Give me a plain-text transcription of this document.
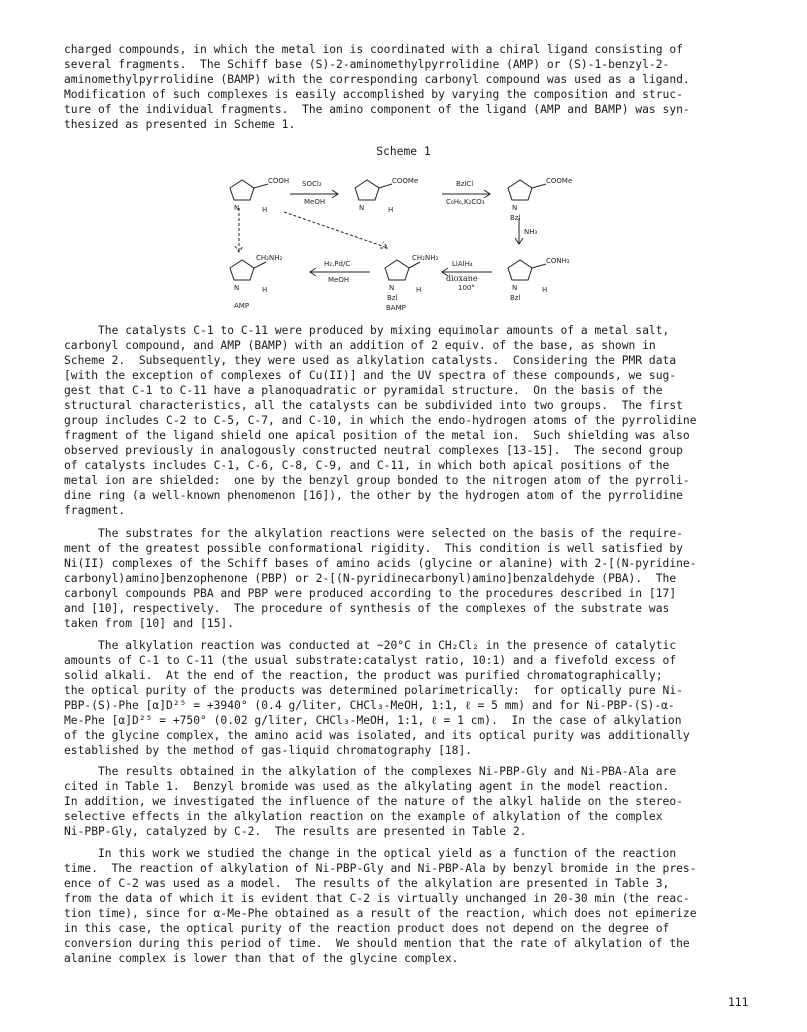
charged compounds, in which the metal ion is coordinated with a chiral ligand consisting of
several fragments.  The Schiff base (S)-2-aminomethylpyrrolidine (AMP) or (S)-1-benzyl-2-
aminomethylpyrrolidine (BAMP) with the corresponding carbonyl compound was used as a ligand.
Modification of such complexes is easily accomplished by varying the composition and struc-
ture of the individual fragments.  The amino component of the ligand (AMP and BAMP) was syn-
thesized as presented in Scheme 1.
Scheme 1
COOH SOCl₂
MeOH
COOMe	BzlCl
C₆H₆,K₂CO₃
COOMe
NH₃
CONH₂
LiAlH₄
dioxane
100°
CH₂NH₂
H₂,Pd/C
MeOH
CH₂NH₂
N	H	N	H	N
Bzl
N	H	N
Bzl
H	N
Bzl
H
AMP	BAMP
The catalysts C-1 to C-11 were produced by mixing equimolar amounts of a metal salt,
carbonyl compound, and AMP (BAMP) with an addition of 2 equiv. of the base, as shown in
Scheme 2.  Subsequently, they were used as alkylation catalysts.  Considering the PMR data
[with the exception of complexes of Cu(II)] and the UV spectra of these compounds, we sug-
gest that C-1 to C-11 have a planoquadratic or pyramidal structure.  On the basis of the
structural characteristics, all the catalysts can be subdivided into two groups.  The first
group includes C-2 to C-5, C-7, and C-10, in which the endo-hydrogen atoms of the pyrrolidine
fragment of the ligand shield one apical position of the metal ion.  Such shielding was also
observed previously in analogously constructed neutral complexes [13-15].  The second group
of catalysts includes C-1, C-6, C-8, C-9, and C-11, in which both apical positions of the
metal ion are shielded:  one by the benzyl group bonded to the nitrogen atom of the pyrroli-
dine ring (a well-known phenomenon [16]), the other by the hydrogen atom of the pyrrolidine
fragment.
The substrates for the alkylation reactions were selected on the basis of the require-
ment of the greatest possible conformational rigidity.  This condition is well satisfied by
Ni(II) complexes of the Schiff bases of amino acids (glycine or alanine) with 2-[(N-pyridine-
carbonyl)amino]benzophenone (PBP) or 2-[(N-pyridinecarbonyl)amino]benzaldehyde (PBA).  The
carbonyl compounds PBA and PBP were produced according to the procedures described in [17]
and [10], respectively.  The procedure of synthesis of the complexes of the substrate was
taken from [10] and [15].
The alkylation reaction was conducted at ~20°C in CH₂Cl₂ in the presence of catalytic
amounts of C-1 to C-11 (the usual substrate:catalyst ratio, 10:1) and a fivefold excess of
solid alkali.  At the end of the reaction, the product was purified chromatographically;
the optical purity of the products was determined polarimetrically:  for optically pure Ni-
PBP-(S)-Phe [α]D²⁵ = +3940° (0.4 g/liter, CHCl₃-MeOH, 1:1, ℓ = 5 mm) and for Ni-PBP-(S)-α-
Me-Phe [α]D²⁵ = +750° (0.02 g/liter, CHCl₃-MeOH, 1:1, ℓ = 1 cm).  In the case of alkylation
of the glycine complex, the amino acid was isolated, and its optical purity was additionally
established by the method of gas-liquid chromatography [18].
The results obtained in the alkylation of the complexes Ni-PBP-Gly and Ni-PBA-Ala are
cited in Table 1.  Benzyl bromide was used as the alkylating agent in the model reaction.
In addition, we investigated the influence of the nature of the alkyl halide on the stereo-
selective effects in the alkylation reaction on the example of alkylation of the complex
Ni-PBP-Gly, catalyzed by C-2.  The results are presented in Table 2.
In this work we studied the change in the optical yield as a function of the reaction
time.  The reaction of alkylation of Ni-PBP-Gly and Ni-PBP-Ala by benzyl bromide in the pres-
ence of C-2 was used as a model.  The results of the alkylation are presented in Table 3,
from the data of which it is evident that C-2 is virtually unchanged in 20-30 min (the reac-
tion time), since for α-Me-Phe obtained as a result of the reaction, which does not epimerize
in this case, the optical purity of the reaction product does not depend on the degree of
conversion during this period of time.  We should mention that the rate of alkylation of the
alanine complex is lower than that of the glycine complex.
111
